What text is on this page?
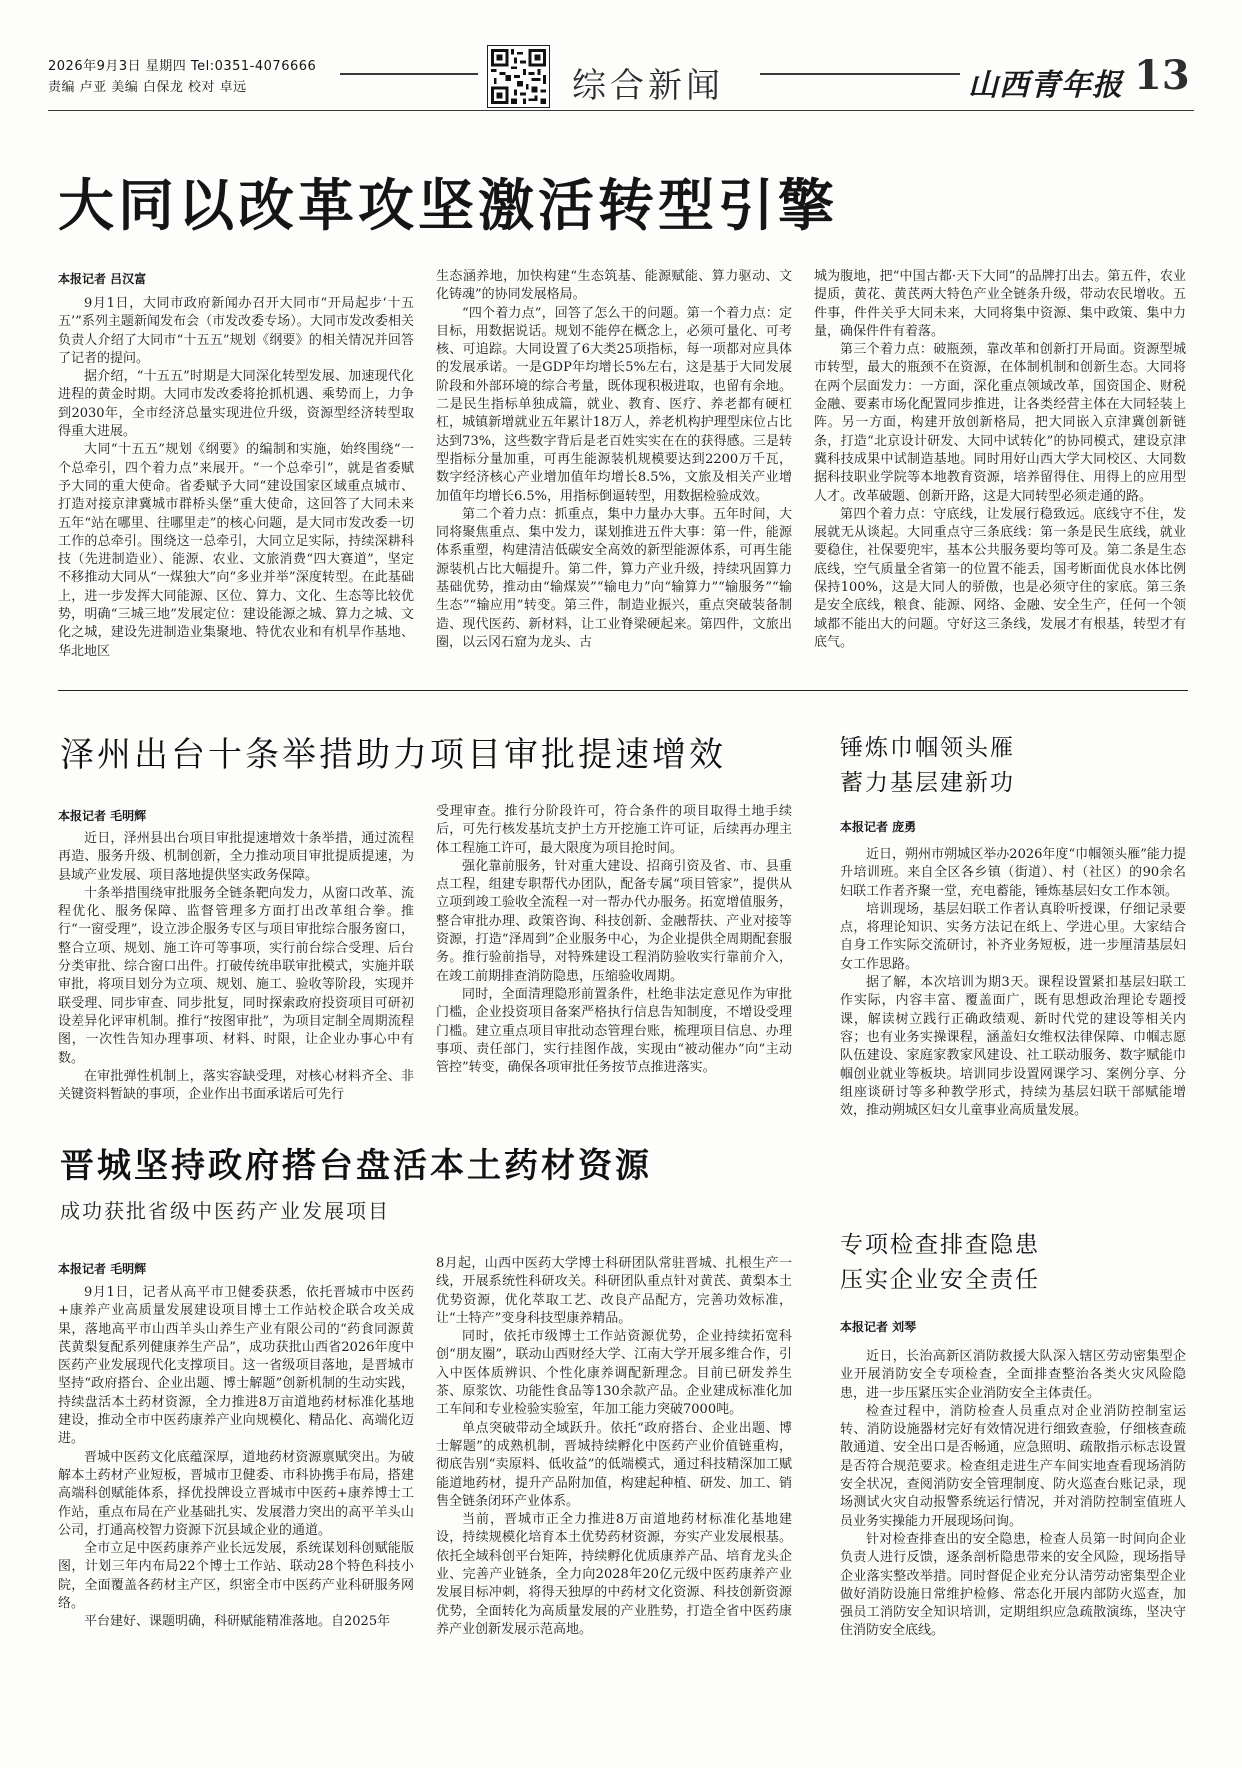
2026年9月3日 星期四 Tel:0351-4076666
责编 卢亚 美编 白保龙 校对 卓远	综合新闻	山西青年报 13
大同以改革攻坚激活转型引擎
本报记者 吕汉富

9月1日，大同市政府新闻办召开大同市“开局起步‘十五五’”系列主题新闻发布会（市发改委专场）。大同市发改委相关负责人介绍了大同市“十五五”规划《纲要》的相关情况并回答了记者的提问。

据介绍，“十五五”时期是大同深化转型发展、加速现代化进程的黄金时期。大同市发改委将抢抓机遇、乘势而上，力争到2030年，全市经济总量实现进位升级，资源型经济转型取得重大进展。

大同“十五五”规划《纲要》的编制和实施，始终围绕“一个总牵引，四个着力点”来展开。“一个总牵引”，就是省委赋予大同的重大使命。省委赋予大同“建设国家区域重点城市、打造对接京津冀城市群桥头堡”重大使命，这回答了大同未来五年“站在哪里、往哪里走”的核心问题，是大同市发改委一切工作的总牵引。围绕这一总牵引，大同立足实际，持续深耕科技（先进制造业）、能源、农业、文旅消费“四大赛道”，坚定不移推动大同从“一煤独大”向“多业并举”深度转型。在此基础上，进一步发挥大同能源、区位、算力、文化、生态等比较优势，明确“三城三地”发展定位：建设能源之城、算力之城、文化之城，建设先进制造业集聚地、特优农业和有机旱作基地、华北地区

生态涵养地，加快构建“生态筑基、能源赋能、算力驱动、文化铸魂”的协同发展格局。

“四个着力点”，回答了怎么干的问题。第一个着力点：定目标，用数据说话。规划不能停在概念上，必须可量化、可考核、可追踪。大同设置了6大类25项指标，每一项都对应具体的发展承诺。一是GDP年均增长5%左右，这是基于大同发展阶段和外部环境的综合考量，既体现积极进取，也留有余地。二是民生指标单独成篇，就业、教育、医疗、养老都有硬杠杠，城镇新增就业五年累计18万人，养老机构护理型床位占比达到73%，这些数字背后是老百姓实实在在的获得感。三是转型指标分量加重，可再生能源装机规模要达到2200万千瓦，数字经济核心产业增加值年均增长8.5%，文旅及相关产业增加值年均增长6.5%，用指标倒逼转型，用数据检验成效。

第二个着力点：抓重点，集中力量办大事。五年时间，大同将聚焦重点、集中发力，谋划推进五件大事：第一件，能源体系重塑，构建清洁低碳安全高效的新型能源体系，可再生能源装机占比大幅提升。第二件，算力产业升级，持续巩固算力基础优势，推动由“输煤炭”“输电力”向“输算力”“输服务”“输生态”“输应用”转变。第三件，制造业振兴，重点突破装备制造、现代医药、新材料，让工业脊梁硬起来。第四件，文旅出圈，以云冈石窟为龙头、古

城为腹地，把“中国古都·天下大同”的品牌打出去。第五件，农业提质，黄花、黄芪两大特色产业全链条升级，带动农民增收。五件事，件件关乎大同未来，大同将集中资源、集中政策、集中力量，确保件件有着落。

第三个着力点：破瓶颈，靠改革和创新打开局面。资源型城市转型，最大的瓶颈不在资源，在体制机制和创新生态。大同将在两个层面发力：一方面，深化重点领域改革，国资国企、财税金融、要素市场化配置同步推进，让各类经营主体在大同轻装上阵。另一方面，构建开放创新格局，把大同嵌入京津冀创新链条，打造“北京设计研发、大同中试转化”的协同模式，建设京津冀科技成果中试制造基地。同时用好山西大学大同校区、大同数据科技职业学院等本地教育资源，培养留得住、用得上的应用型人才。改革破题、创新开路，这是大同转型必须走通的路。

第四个着力点：守底线，让发展行稳致远。底线守不住，发展就无从谈起。大同重点守三条底线：第一条是民生底线，就业要稳住，社保要兜牢，基本公共服务要均等可及。第二条是生态底线，空气质量全省第一的位置不能丢，国考断面优良水体比例保持100%，这是大同人的骄傲，也是必须守住的家底。第三条是安全底线，粮食、能源、网络、金融、安全生产，任何一个领域都不能出大的问题。守好这三条线，发展才有根基，转型才有底气。

泽州出台十条举措助力项目审批提速增效
本报记者 毛明辉

近日，泽州县出台项目审批提速增效十条举措，通过流程再造、服务升级、机制创新，全力推动项目审批提质提速，为县域产业发展、项目落地提供坚实政务保障。

十条举措围绕审批服务全链条靶向发力，从窗口改革、流程优化、服务保障、监督管理多方面打出改革组合拳。推行“一窗受理”，设立涉企服务专区与项目审批综合服务窗口，整合立项、规划、施工许可等事项，实行前台综合受理、后台分类审批、综合窗口出件。打破传统串联审批模式，实施并联审批，将项目划分为立项、规划、施工、验收等阶段，实现并联受理、同步审查、同步批复，同时探索政府投资项目可研初设差异化评审机制。推行“按图审批”，为项目定制全周期流程图，一次性告知办理事项、材料、时限，让企业办事心中有数。

在审批弹性机制上，落实容缺受理，对核心材料齐全、非关键资料暂缺的事项，企业作出书面承诺后可先行

受理审查。推行分阶段许可，符合条件的项目取得土地手续后，可先行核发基坑支护土方开挖施工许可证，后续再办理主体工程施工许可，最大限度为项目抢时间。

强化靠前服务，针对重大建设、招商引资及省、市、县重点工程，组建专职帮代办团队，配备专属“项目管家”，提供从立项到竣工验收全流程一对一帮办代办服务。拓宽增值服务，整合审批办理、政策咨询、科技创新、金融帮扶、产业对接等资源，打造“泽周到”企业服务中心，为企业提供全周期配套服务。推行验前指导，对特殊建设工程消防验收实行靠前介入，在竣工前期排查消防隐患，压缩验收周期。

同时，全面清理隐形前置条件，杜绝非法定意见作为审批门槛，企业投资项目备案严格执行信息告知制度，不增设受理门槛。建立重点项目审批动态管理台账，梳理项目信息、办理事项、责任部门，实行挂图作战，实现由“被动催办”向“主动管控”转变，确保各项审批任务按节点推进落实。

晋城坚持政府搭台盘活本土药材资源
成功获批省级中医药产业发展项目
本报记者 毛明辉

9月1日，记者从高平市卫健委获悉，依托晋城市中医药+康养产业高质量发展建设项目博士工作站校企联合攻关成果，落地高平市山西羊头山养生产业有限公司的“药食同源黄芪黄梨复配系列健康养生产品”，成功获批山西省2026年度中医药产业发展现代化支撑项目。这一省级项目落地，是晋城市坚持“政府搭台、企业出题、博士解题”创新机制的生动实践，持续盘活本土药材资源，全力推进8万亩道地药材标准化基地建设，推动全市中医药康养产业向规模化、精品化、高端化迈进。

晋城中医药文化底蕴深厚，道地药材资源禀赋突出。为破解本土药材产业短板，晋城市卫健委、市科协携手布局，搭建高端科创赋能体系，择优投牌设立晋城市中医药+康养博士工作站，重点布局在产业基础扎实、发展潜力突出的高平羊头山公司，打通高校智力资源下沉县域企业的通道。

全市立足中医药康养产业长远发展，系统谋划科创赋能版图，计划三年内布局22个博士工作站、联动28个特色科技小院，全面覆盖各药材主产区，织密全市中医药产业科研服务网络。

平台建好、课题明确，科研赋能精准落地。自2025年

8月起，山西中医药大学博士科研团队常驻晋城、扎根生产一线，开展系统性科研攻关。科研团队重点针对黄芪、黄梨本土优势资源，优化萃取工艺、改良产品配方，完善功效标准，让“土特产”变身科技型康养精品。

同时，依托市级博士工作站资源优势，企业持续拓宽科创“朋友圈”，联动山西财经大学、江南大学开展多维合作，引入中医体质辨识、个性化康养调配新理念。目前已研发养生茶、原浆饮、功能性食品等130余款产品。企业建成标准化加工车间和专业检验实验室，年加工能力突破7000吨。

单点突破带动全域跃升。依托“政府搭台、企业出题、博士解题”的成熟机制，晋城持续孵化中医药产业价值链重构，彻底告别“卖原料、低收益”的低端模式，通过科技精深加工赋能道地药材，提升产品附加值，构建起种植、研发、加工、销售全链条闭环产业体系。

当前，晋城市正全力推进8万亩道地药材标准化基地建设，持续规模化培育本土优势药材资源，夯实产业发展根基。依托全域科创平台矩阵，持续孵化优质康养产品、培育龙头企业、完善产业链条，全力向2028年20亿元级中医药康养产业发展目标冲刺，将得天独厚的中药材文化资源、科技创新资源优势，全面转化为高质量发展的产业胜势，打造全省中医药康养产业创新发展示范高地。

锤炼巾帼领头雁
蓄力基层建新功
本报记者 庞勇

近日，朔州市朔城区举办2026年度“巾帼领头雁”能力提升培训班。来自全区各乡镇（街道）、村（社区）的90余名妇联工作者齐聚一堂，充电蓄能，锤炼基层妇女工作本领。

培训现场，基层妇联工作者认真聆听授课，仔细记录要点，将理论知识、实务方法记在纸上、学进心里。大家结合自身工作实际交流研讨，补齐业务短板，进一步厘清基层妇女工作思路。

据了解，本次培训为期3天。课程设置紧扣基层妇联工作实际，内容丰富、覆盖面广，既有思想政治理论专题授课，解读树立践行正确政绩观、新时代党的建设等相关内容；也有业务实操课程，涵盖妇女维权法律保障、巾帼志愿队伍建设、家庭家教家风建设、社工联动服务、数字赋能巾帼创业就业等板块。培训同步设置网课学习、案例分享、分组座谈研讨等多种教学形式，持续为基层妇联干部赋能增效，推动朔城区妇女儿童事业高质量发展。

专项检查排查隐患
压实企业安全责任
本报记者 刘琴

近日，长治高新区消防救援大队深入辖区劳动密集型企业开展消防安全专项检查，全面排查整治各类火灾风险隐患，进一步压紧压实企业消防安全主体责任。

检查过程中，消防检查人员重点对企业消防控制室运转、消防设施器材完好有效情况进行细致查验，仔细核查疏散通道、安全出口是否畅通，应急照明、疏散指示标志设置是否符合规范要求。检查组走进生产车间实地查看现场消防安全状况，查阅消防安全管理制度、防火巡查台账记录，现场测试火灾自动报警系统运行情况，并对消防控制室值班人员业务实操能力开展现场问询。

针对检查排查出的安全隐患，检查人员第一时间向企业负责人进行反馈，逐条剖析隐患带来的安全风险，现场指导企业落实整改举措。同时督促企业充分认清劳动密集型企业做好消防设施日常维护检修、常态化开展内部防火巡查，加强员工消防安全知识培训，定期组织应急疏散演练，坚决守住消防安全底线。
